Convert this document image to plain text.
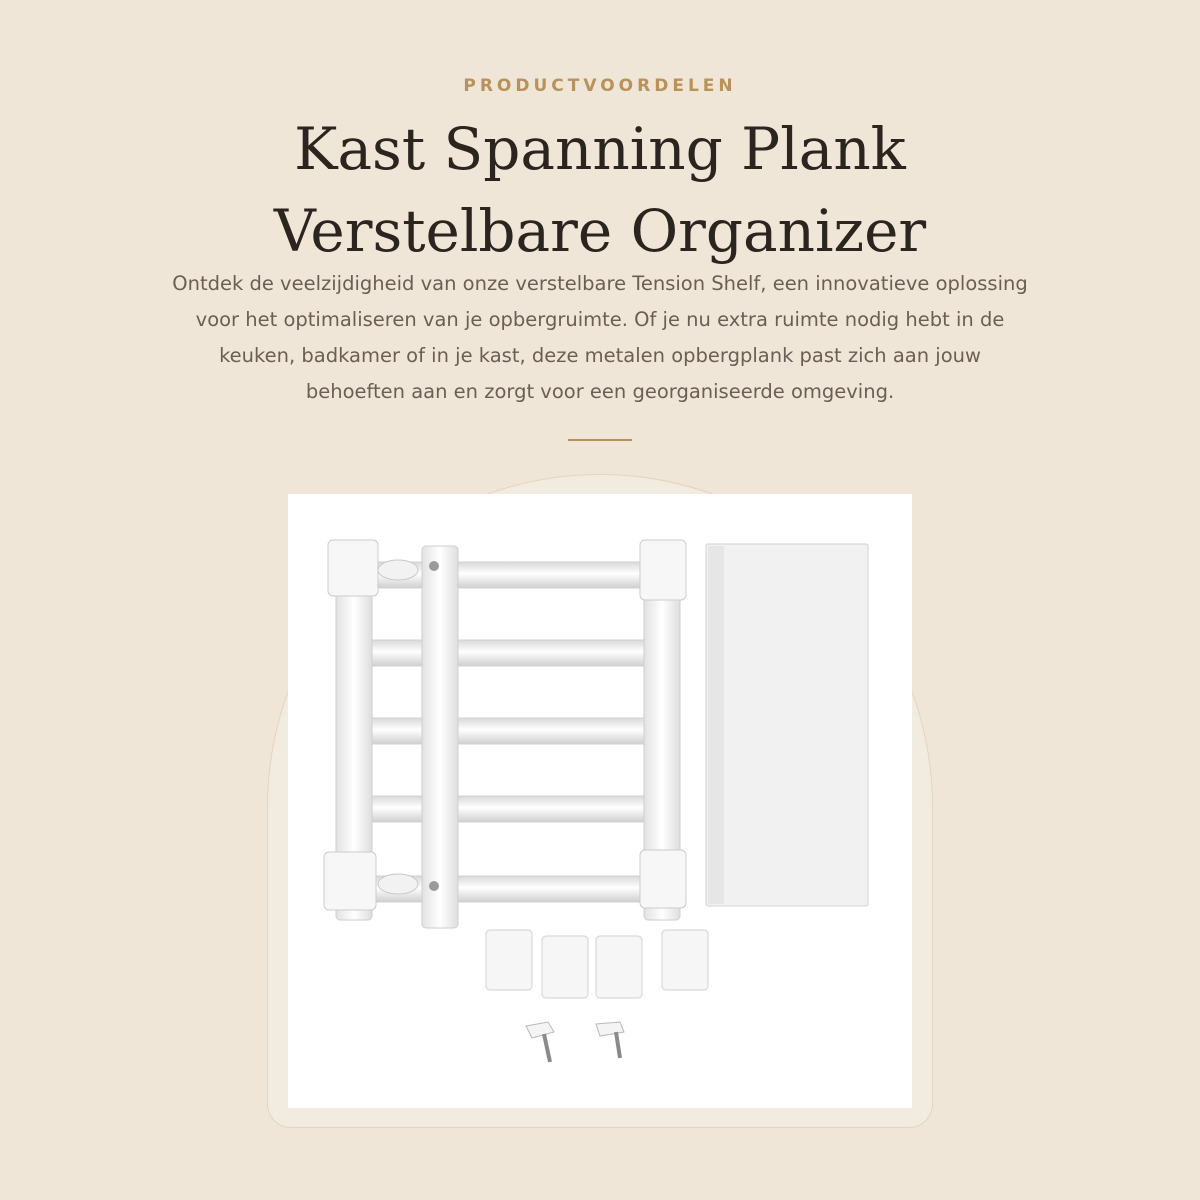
PRODUCTVOORDELEN
Kast Spanning Plank
Verstelbare Organizer

Ontdek de veelzijdigheid van onze verstelbare Tension Shelf, een innovatieve oplossing voor het optimaliseren van je opbergruimte. Of je nu extra ruimte nodig hebt in de keuken, badkamer of in je kast, deze metalen opbergplank past zich aan jouw behoeften aan en zorgt voor een georganiseerde omgeving.
